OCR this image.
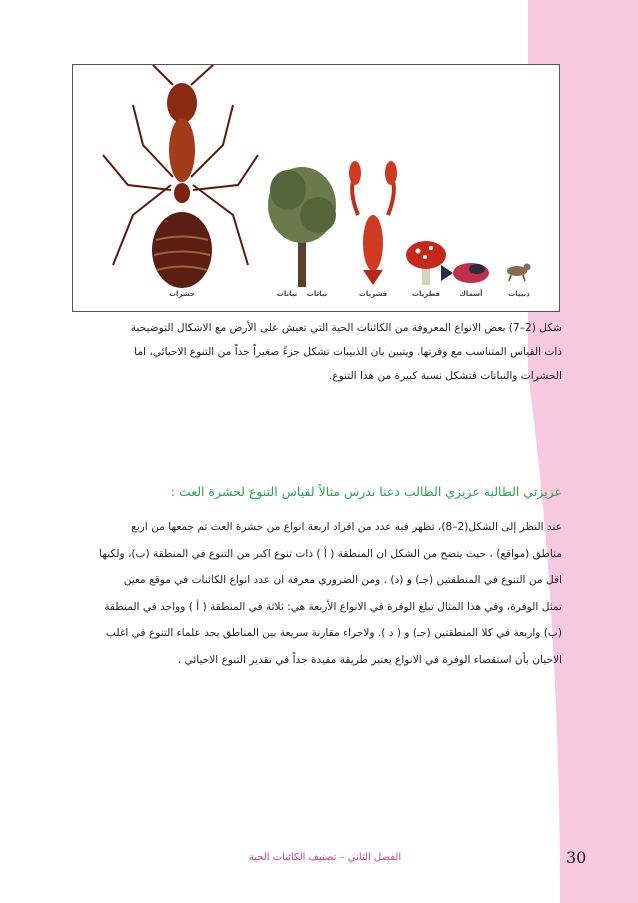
حشرات	نباتات نباتات	قشريات	فطريات	أسماك	ذبيبات

شكل (2–7) بعض الانواع المعروفة من الكائنات الحية التي تعيش على الأرض مع الاشكال التوضيحية

ذات القياس المتناسب مع وفرتها. ويتبين بان الذبيبات تشكل جزءً صغيراً جداً من التنوع الاحيائي، اما

الحشرات والنباتات فتشكل نسبة كبيرة من هذا التنوع.

عزيزتي الطالبة عزيزي الطالب دعنا ندرس مثالاً لقياس التنوع لحشرة العث :

عند النظر إلى الشكل(2–8)، تظهر فيه عدد من افراد اربعة انواع من حشرة العث تم جمعها من اربع

مناطق (مواقع) ، حيث يتضح من الشكل ان المنطقة ( أ ) ذات تنوع اكبر من التنوع في المنطقة (ب)، ولكنها

اقل من التنوع في المنطقتين (جـ) و (د) . ومن الضروري معرفة ان عدد انواع الكائنات في موقع معين

تمثل الوفرة، وفي هذا المثال تبلغ الوفرة في الانواع الأربعة هي: ثلاثة في المنطقة ( أ ) وواحد في المنطقة

(ب) واربعة في كلا المنطقتين (جـ) و ( د ). ولاجراء مقارنة سريعة بين المناطق يجد علماء التنوع في اغلب

الاحيان بأن استقصاء الوفرة في الانواع يعتبر طريقة مفيدة جداً في تقدير التنوع الاحيائي .

الفصل الثاني – تصنيف الكائنات الحية	30
